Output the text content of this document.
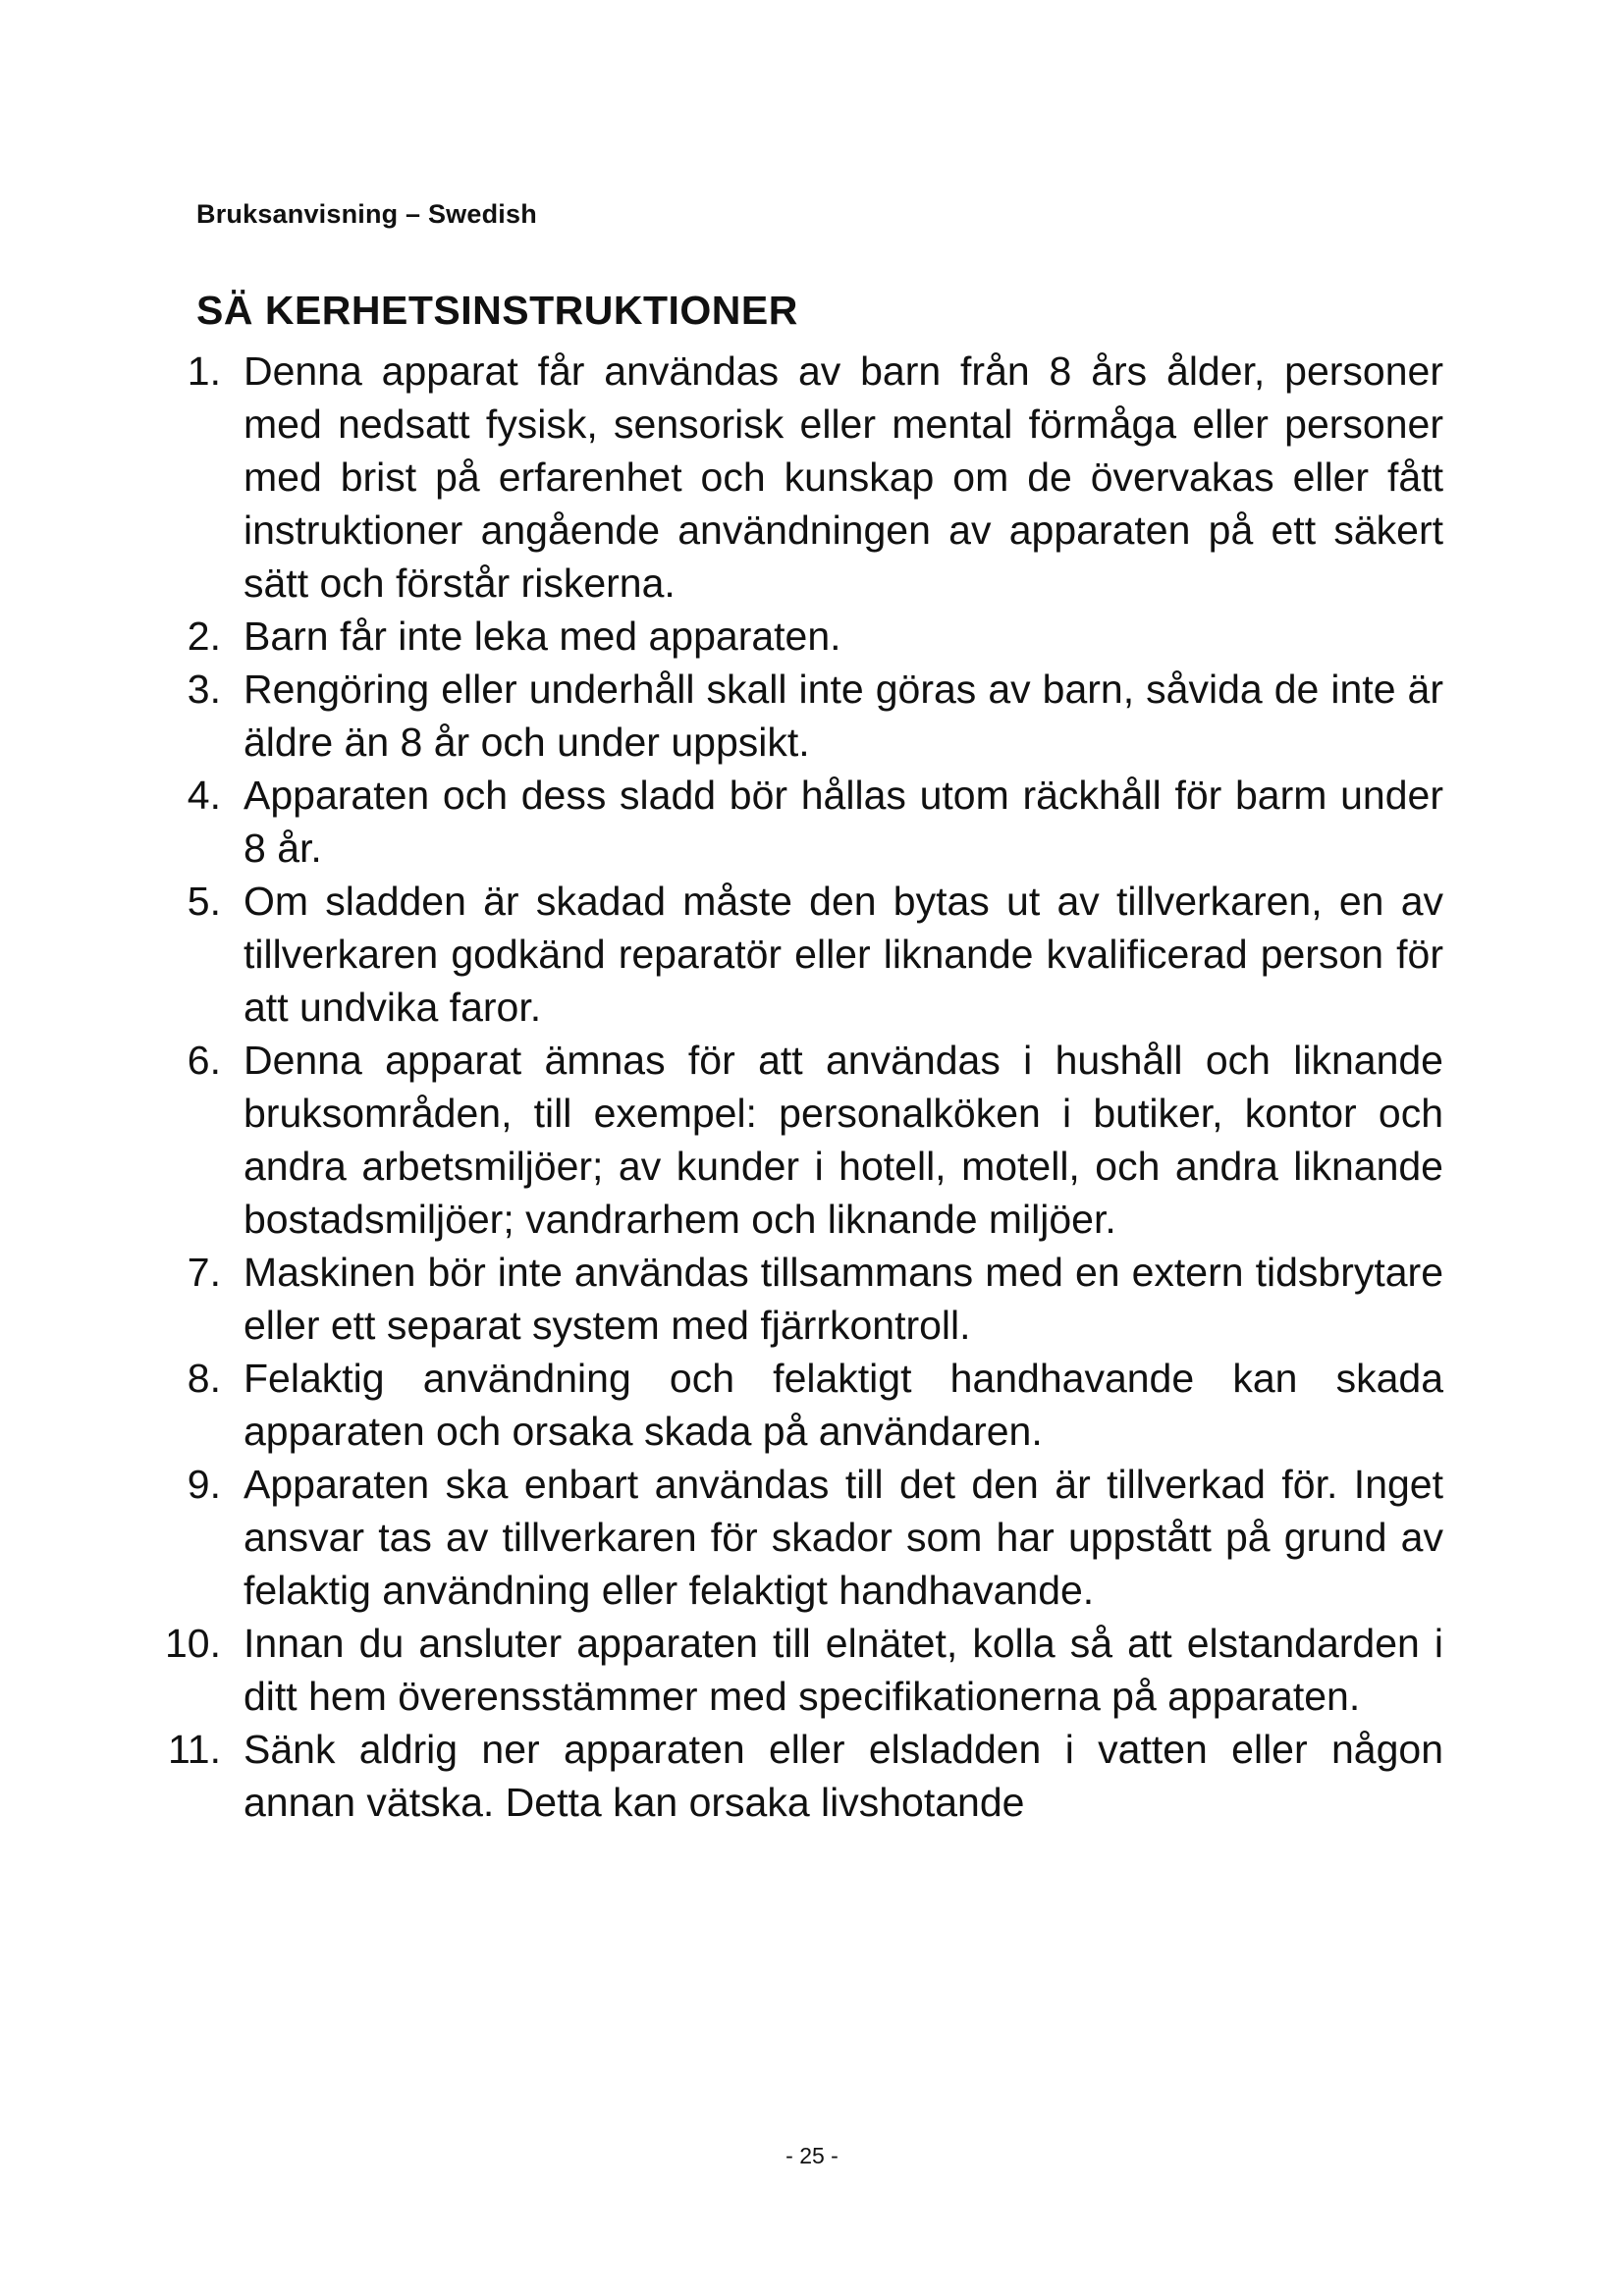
Bruksanvisning – Swedish
SÄ KERHETSINSTRUKTIONER
1. Denna apparat får användas av barn från 8 års ålder, personer med nedsatt fysisk, sensorisk eller mental förmåga eller personer med brist på erfarenhet och kunskap om de övervakas eller fått instruktioner angående användningen av apparaten på ett säkert sätt och förstår riskerna.
2. Barn får inte leka med apparaten.
3. Rengöring eller underhåll skall inte göras av barn, såvida de inte är äldre än 8 år och under uppsikt.
4. Apparaten och dess sladd bör hållas utom räckhåll för barm under 8 år.
5. Om sladden är skadad måste den bytas ut av tillverkaren, en av tillverkaren godkänd reparatör eller liknande kvalificerad person för att undvika faror.
6. Denna apparat ämnas för att användas i hushåll och liknande bruksområden, till exempel: personalköken i butiker, kontor och andra arbetsmiljöer; av kunder i hotell, motell, och andra liknande bostadsmiljöer; vandrarhem och liknande miljöer.
7. Maskinen bör inte användas tillsammans med en extern tidsbrytare eller ett separat system med fjärrkontroll.
8. Felaktig användning och felaktigt handhavande kan skada apparaten och orsaka skada på användaren.
9. Apparaten ska enbart användas till det den är tillverkad för. Inget ansvar tas av tillverkaren för skador som har uppstått på grund av felaktig användning eller felaktigt handhavande.
10. Innan du ansluter apparaten till elnätet, kolla så att elstandarden i ditt hem överensstämmer med specifikationerna på apparaten.
11. Sänk aldrig ner apparaten eller elsladden i vatten eller någon annan vätska. Detta kan orsaka livshotande
- 25 -
